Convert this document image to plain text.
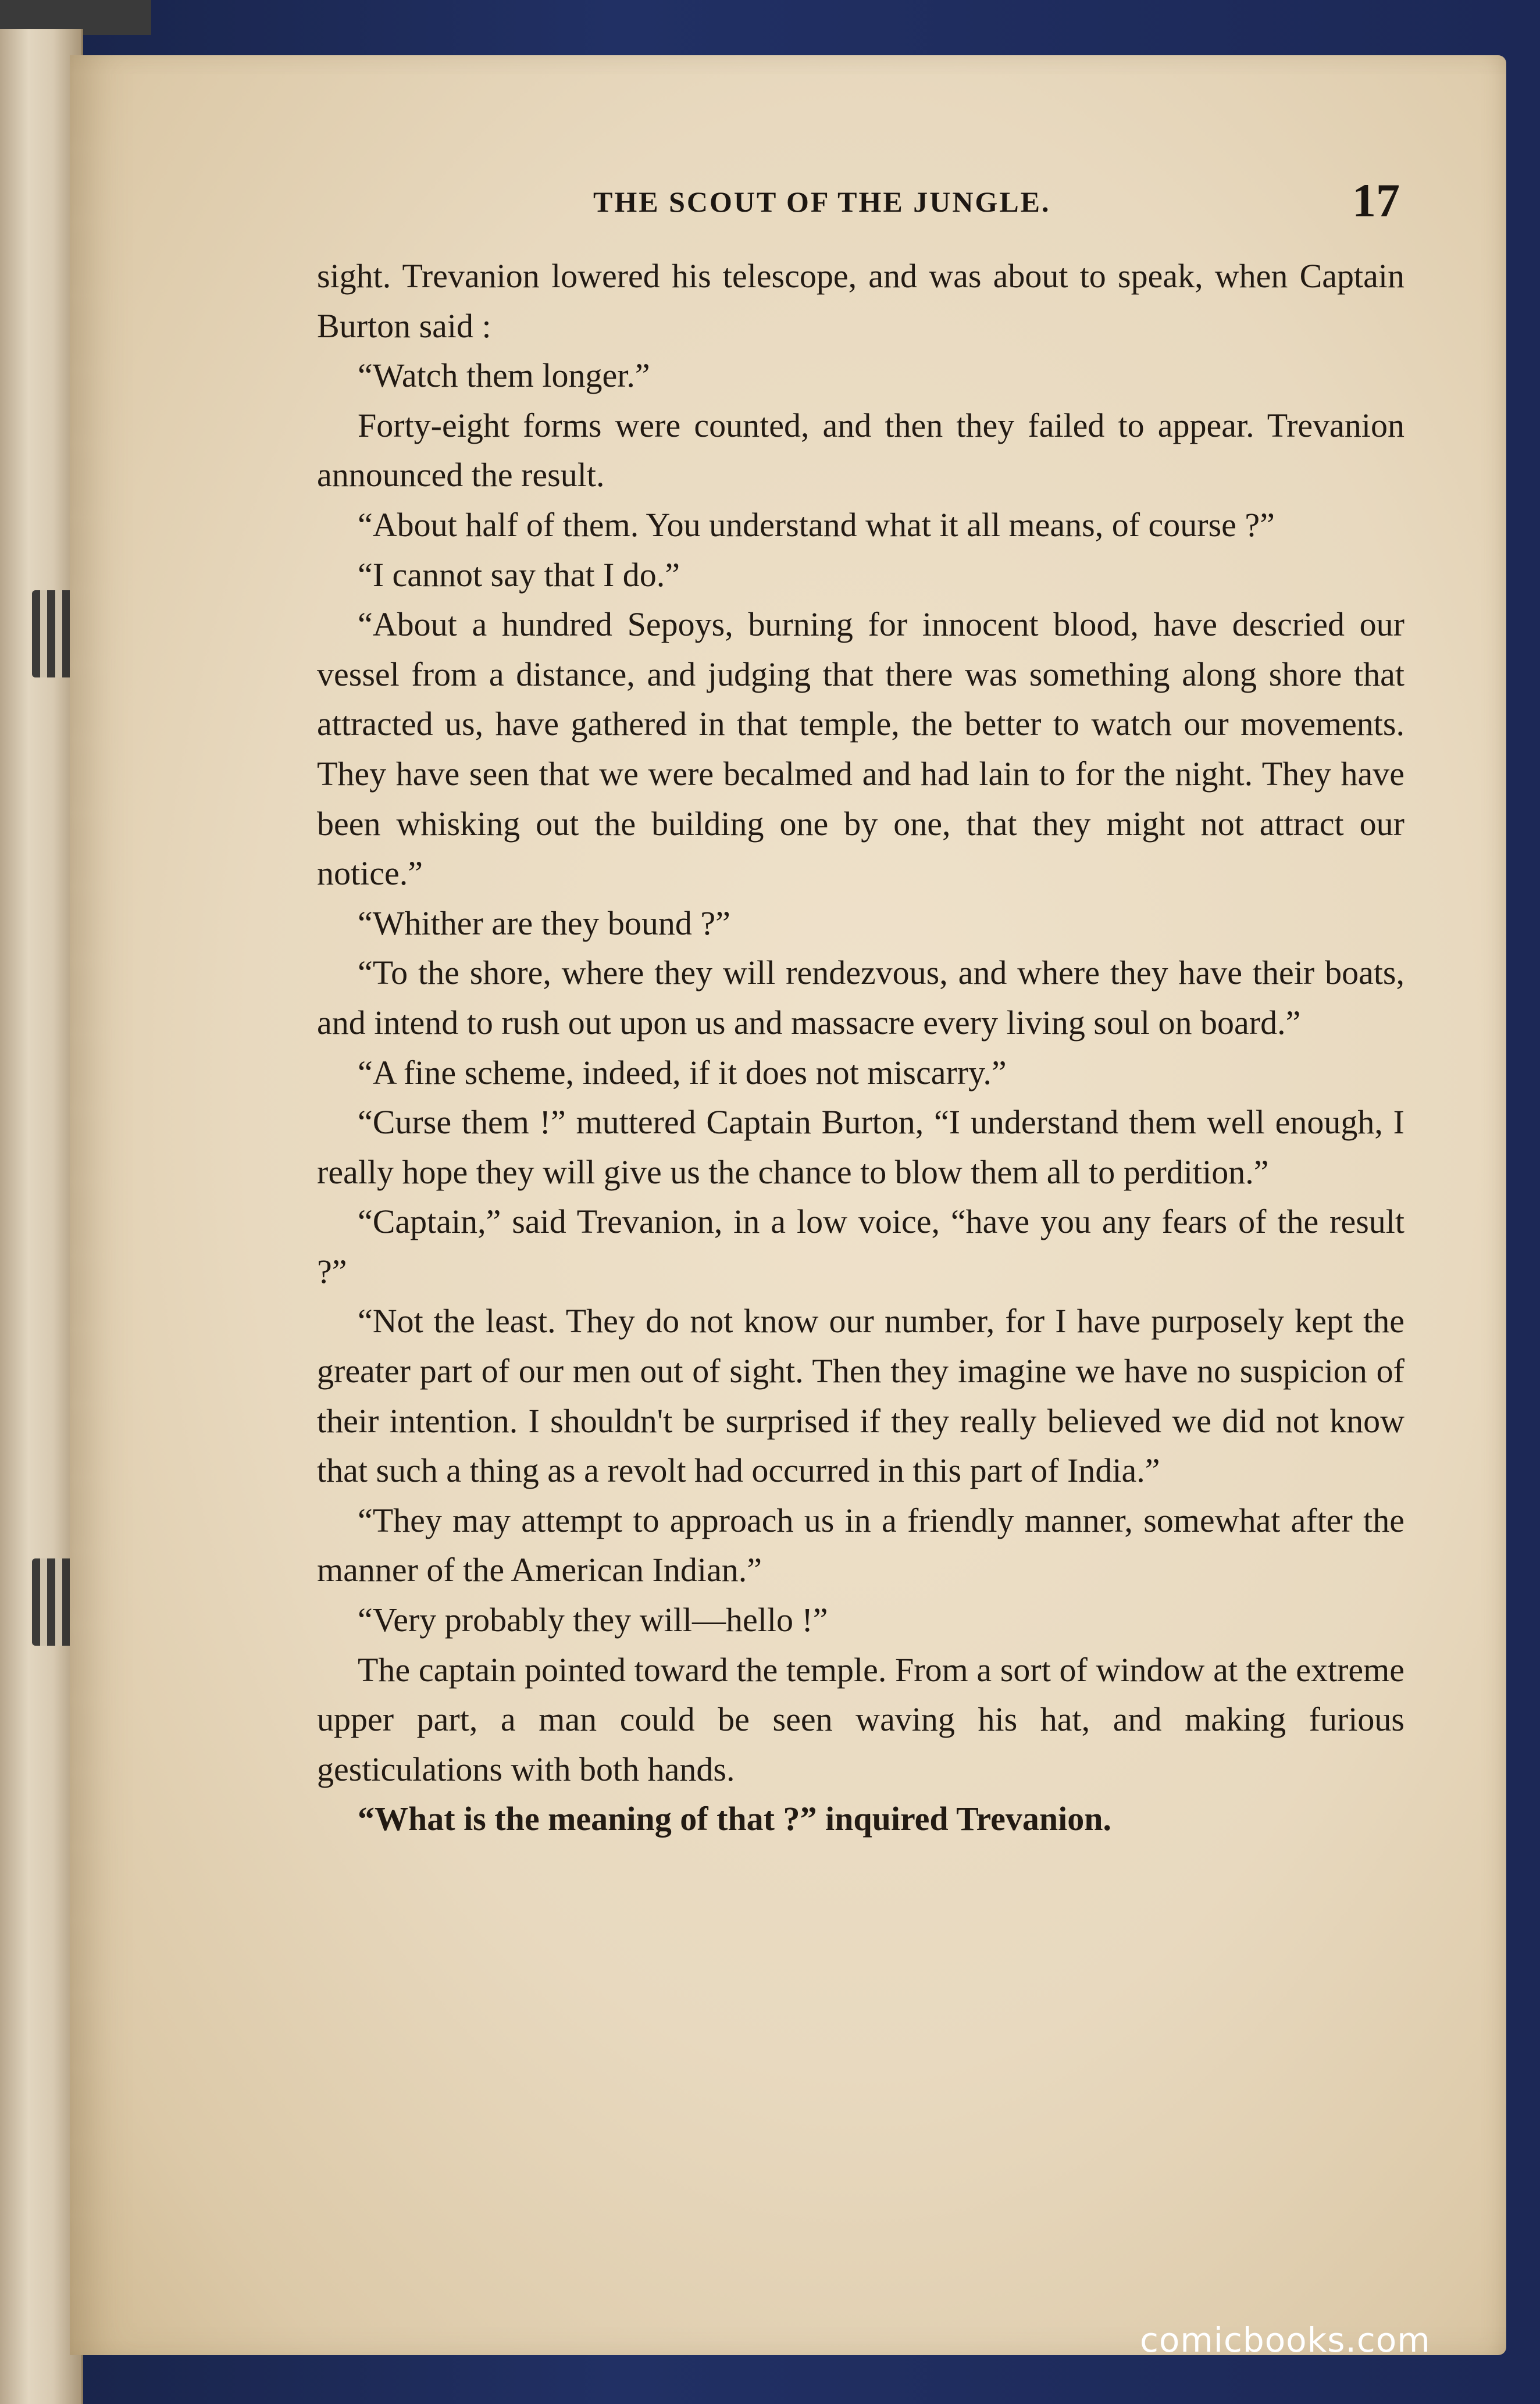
THE SCOUT OF THE JUNGLE.	17

sight. Trevanion lowered his telescope, and was about to speak, when Captain Burton said :

“Watch them longer.”

Forty-eight forms were counted, and then they failed to appear. Trevanion announced the result.

“About half of them. You understand what it all means, of course ?”

“I cannot say that I do.”

“About a hundred Sepoys, burning for innocent blood, have descried our vessel from a distance, and judging that there was something along shore that attracted us, have gathered in that temple, the better to watch our movements. They have seen that we were becalmed and had lain to for the night. They have been whisking out the building one by one, that they might not attract our notice.”

“Whither are they bound ?”

“To the shore, where they will rendezvous, and where they have their boats, and intend to rush out upon us and massacre every living soul on board.”

“A fine scheme, indeed, if it does not miscarry.”

“Curse them !” muttered Captain Burton, “I understand them well enough, I really hope they will give us the chance to blow them all to perdition.”

“Captain,” said Trevanion, in a low voice, “have you any fears of the result ?”

“Not the least. They do not know our number, for I have purposely kept the greater part of our men out of sight. Then they imagine we have no suspicion of their intention. I shouldn't be surprised if they really believed we did not know that such a thing as a revolt had occurred in this part of India.”

“They may attempt to approach us in a friendly manner, somewhat after the manner of the American Indian.”

“Very probably they will—hello !”

The captain pointed toward the temple. From a sort of window at the extreme upper part, a man could be seen waving his hat, and making furious gesticulations with both hands.

“What is the meaning of that ?” inquired Trevanion.

comicbooks.com
